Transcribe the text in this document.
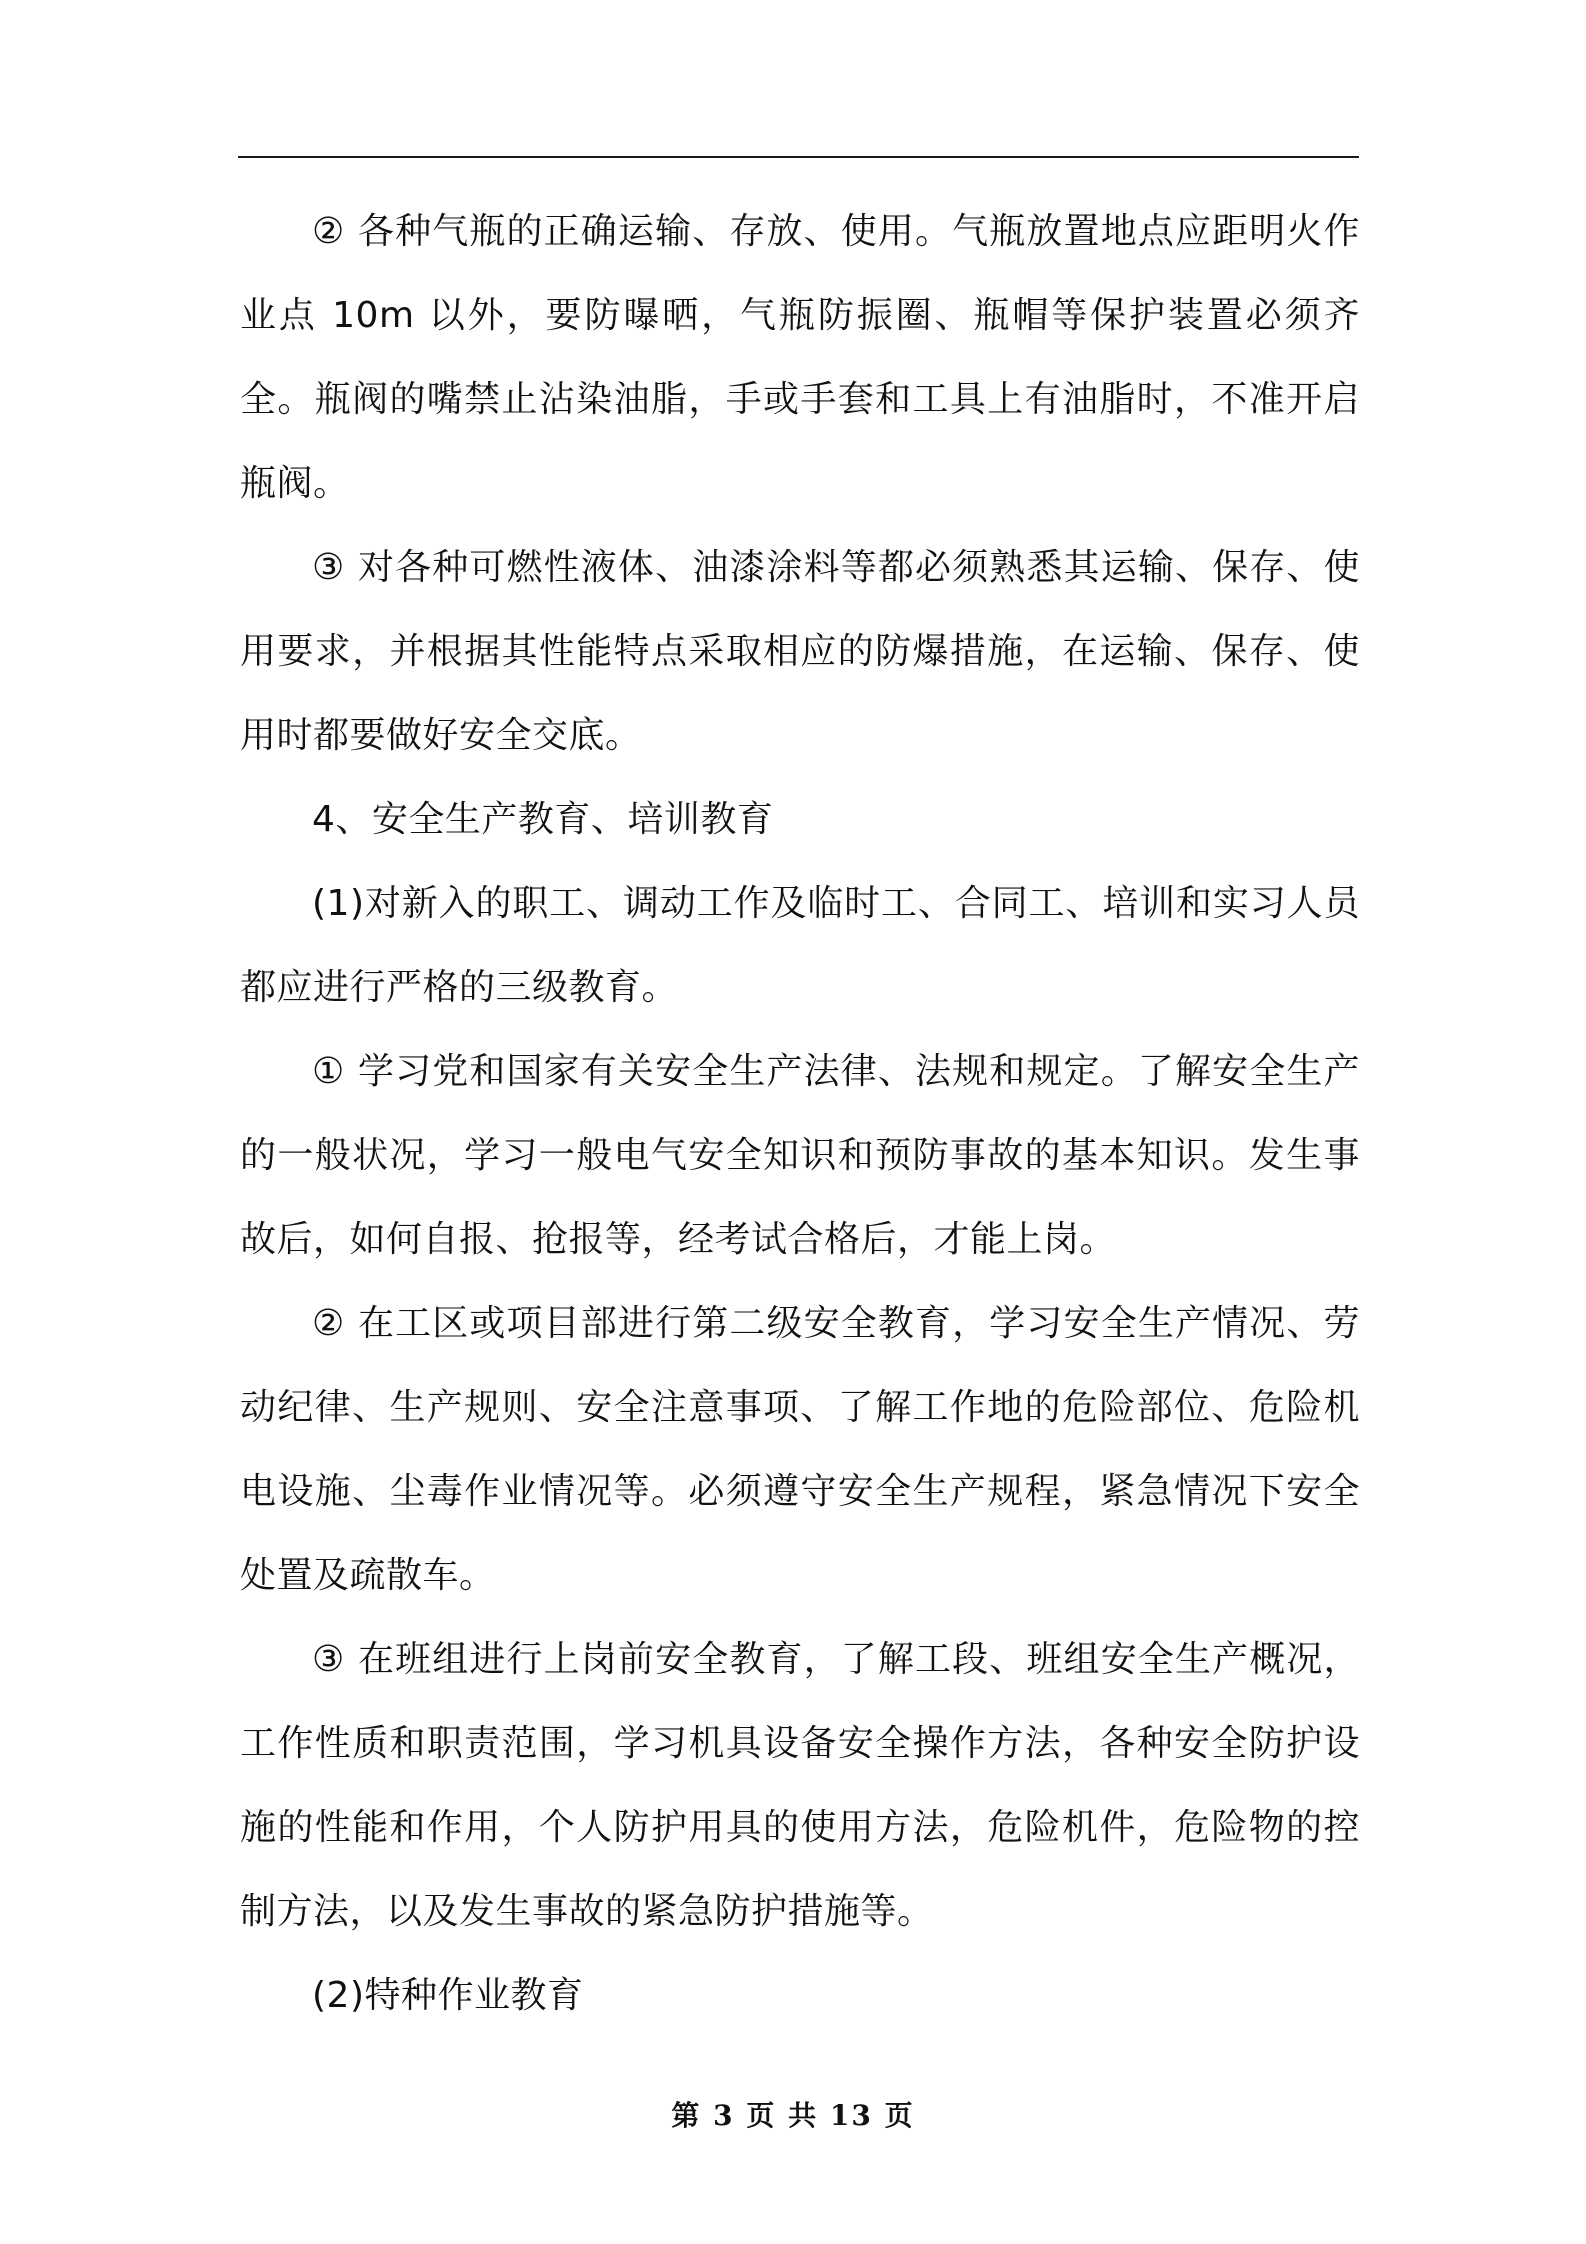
② 各种气瓶的正确运输、存放、使用。气瓶放置地点应距明火作业点 10m 以外，要防曝晒，气瓶防振圈、瓶帽等保护装置必须齐全。瓶阀的嘴禁止沾染油脂，手或手套和工具上有油脂时，不准开启瓶阀。

③ 对各种可燃性液体、油漆涂料等都必须熟悉其运输、保存、使用要求，并根据其性能特点采取相应的防爆措施，在运输、保存、使用时都要做好安全交底。

4、安全生产教育、培训教育

(1)对新入的职工、调动工作及临时工、合同工、培训和实习人员都应进行严格的三级教育。

① 学习党和国家有关安全生产法律、法规和规定。了解安全生产的一般状况，学习一般电气安全知识和预防事故的基本知识。发生事故后，如何自报、抢报等，经考试合格后，才能上岗。

② 在工区或项目部进行第二级安全教育，学习安全生产情况、劳动纪律、生产规则、安全注意事项、了解工作地的危险部位、危险机电设施、尘毒作业情况等。必须遵守安全生产规程，紧急情况下安全处置及疏散车。

③ 在班组进行上岗前安全教育，了解工段、班组安全生产概况，工作性质和职责范围，学习机具设备安全操作方法，各种安全防护设施的性能和作用，个人防护用具的使用方法，危险机件，危险物的控制方法，以及发生事故的紧急防护措施等。

(2)特种作业教育

第 3 页 共 13 页
